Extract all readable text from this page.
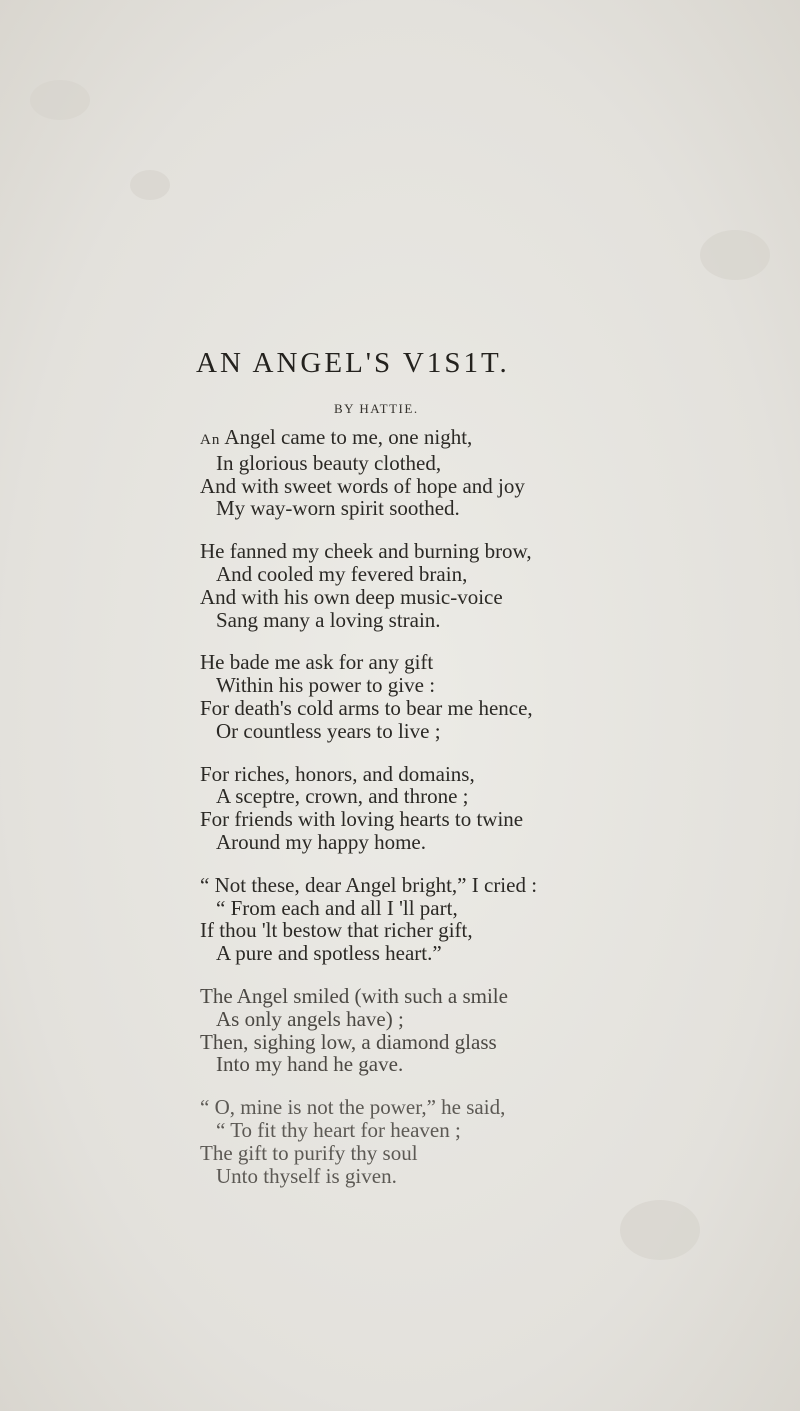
AN ANGEL'S V1S1T.
BY HATTIE.
An Angel came to me, one night,
In glorious beauty clothed,
And with sweet words of hope and joy
My way-worn spirit soothed.
He fanned my cheek and burning brow,
And cooled my fevered brain,
And with his own deep music-voice
Sang many a loving strain.
He bade me ask for any gift
Within his power to give :
For death's cold arms to bear me hence,
Or countless years to live ;
For riches, honors, and domains,
A sceptre, crown, and throne ;
For friends with loving hearts to twine
Around my happy home.
“ Not these, dear Angel bright,” I cried :
“ From each and all I 'll part,
If thou 'lt bestow that richer gift,
A pure and spotless heart.”
The Angel smiled (with such a smile
As only angels have) ;
Then, sighing low, a diamond glass
Into my hand he gave.
“ O, mine is not the power,” he said,
“ To fit thy heart for heaven ;
The gift to purify thy soul
Unto thyself is given.
